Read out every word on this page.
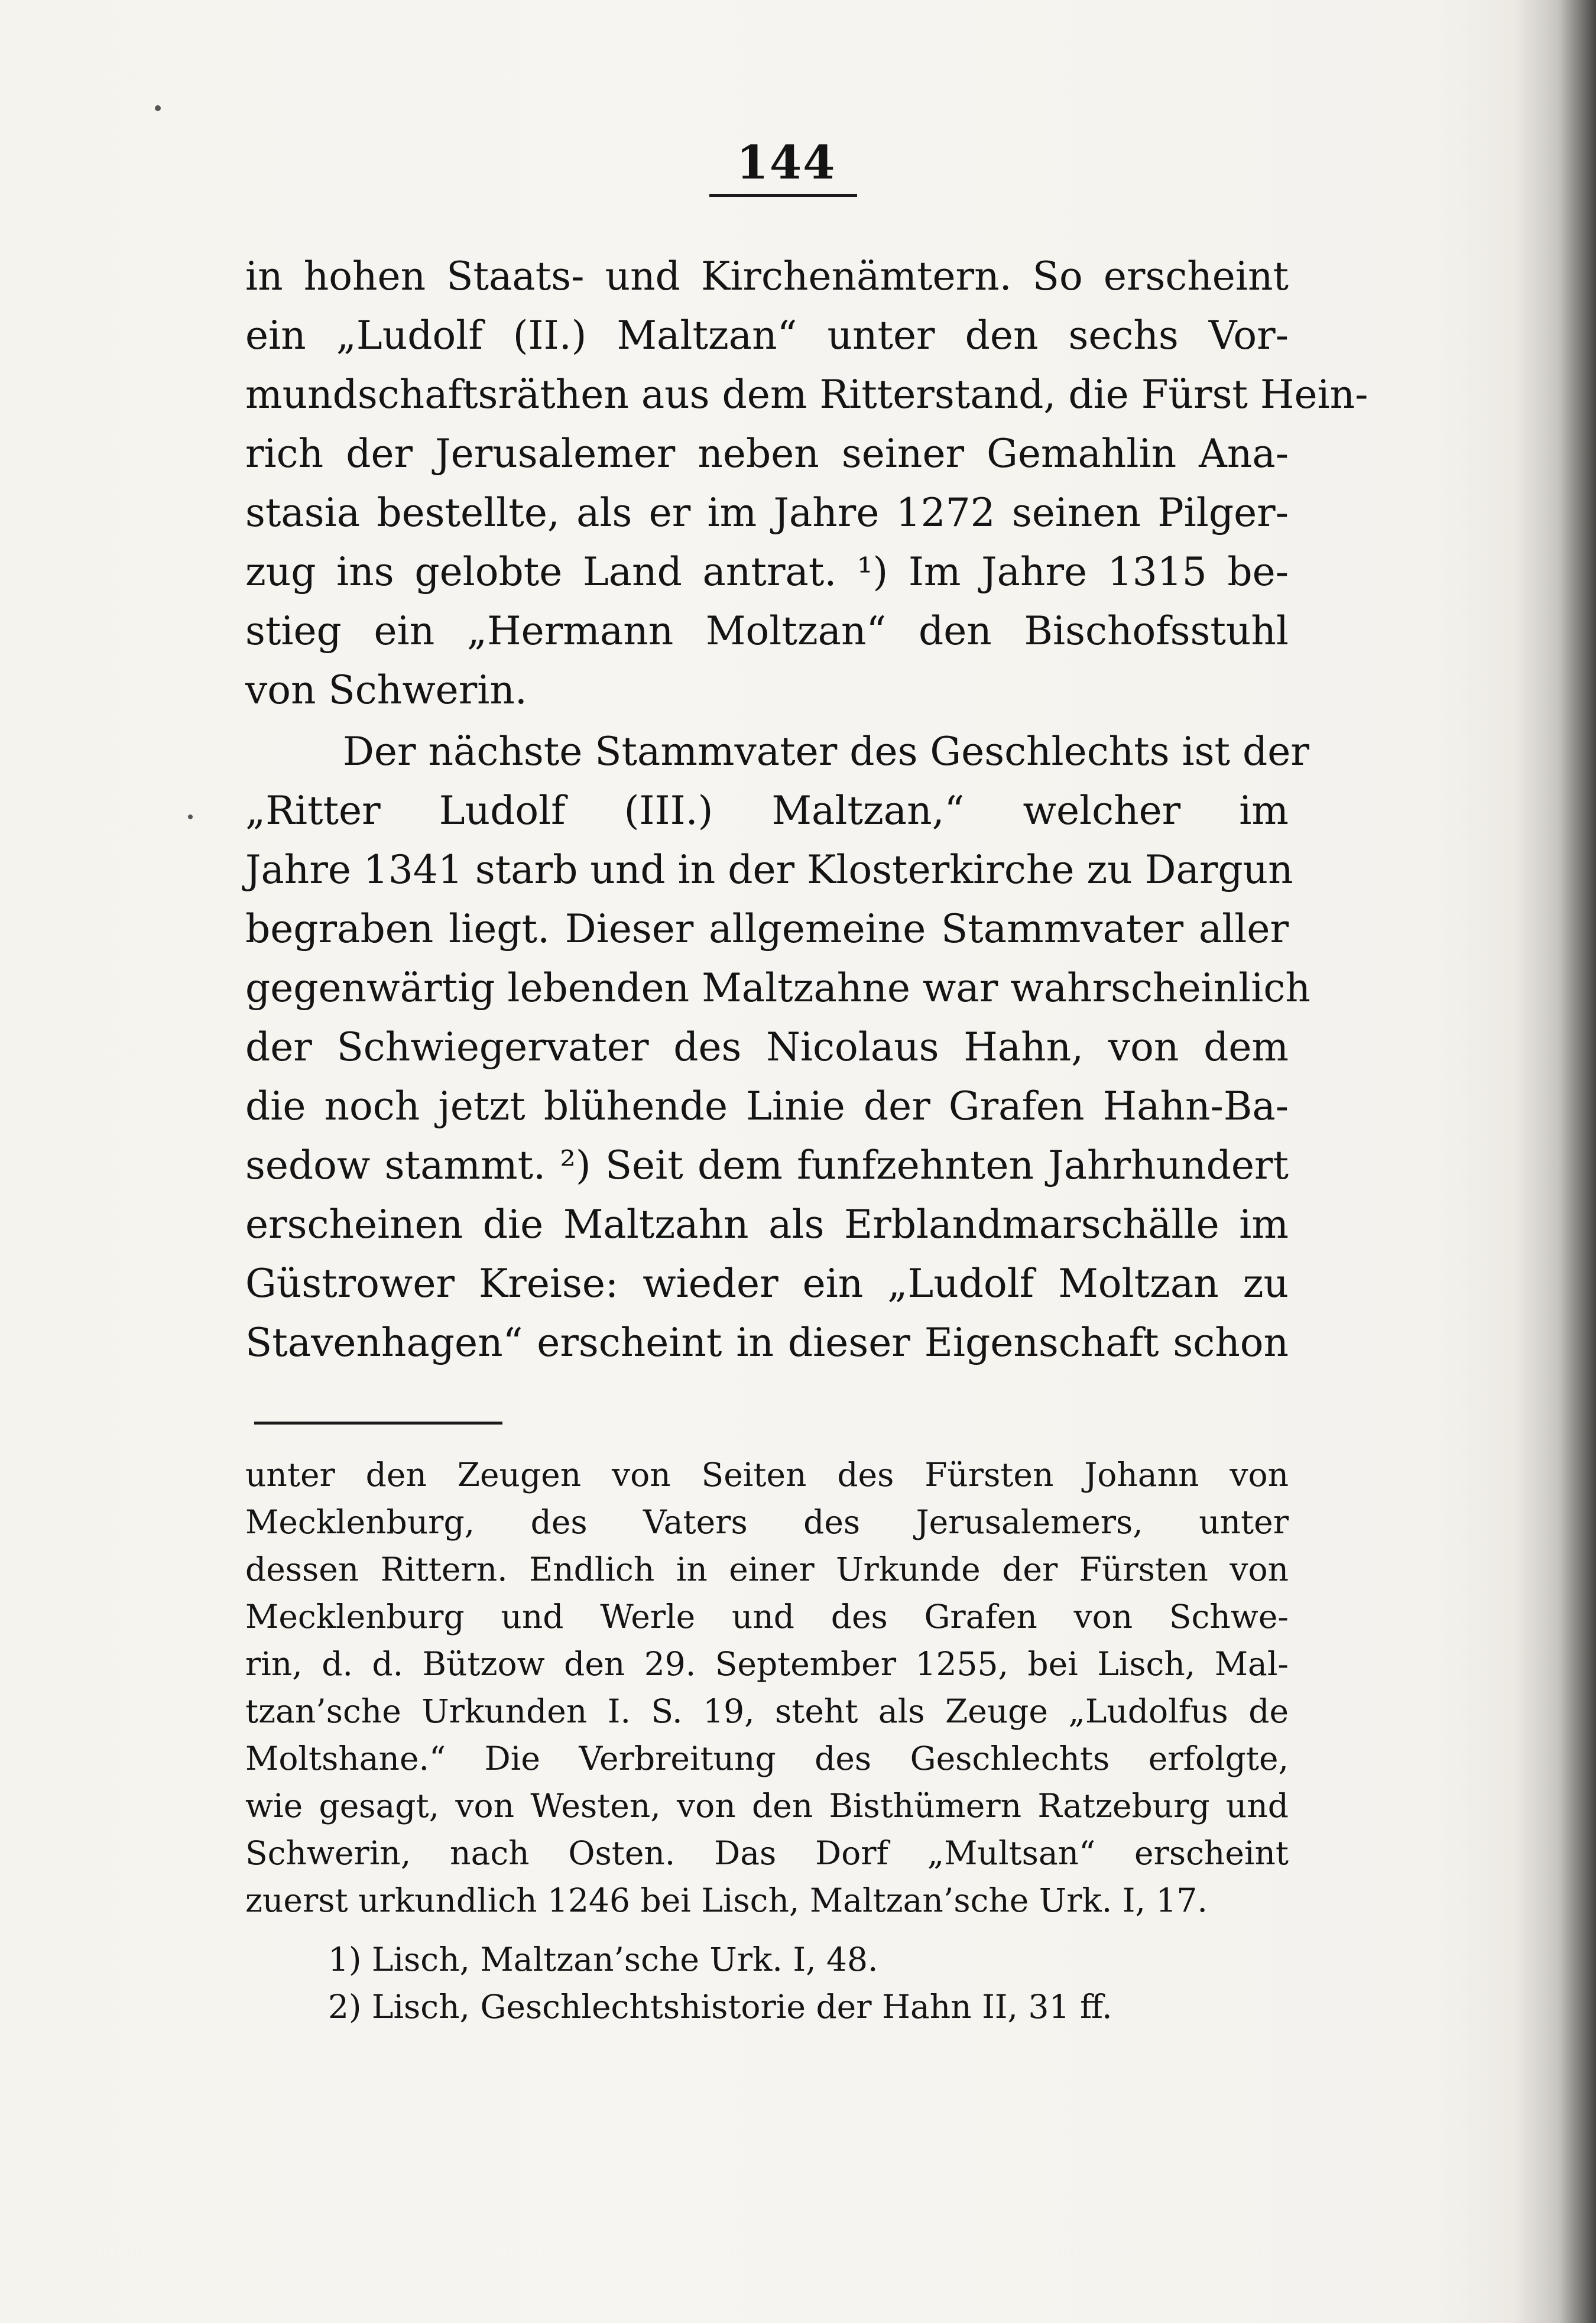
144
in hohen Staats- und Kirchenämtern. So erscheint
ein „Ludolf (II.) Maltzan“ unter den sechs Vor-
mundschaftsräthen aus dem Ritterstand, die Fürst Hein-
rich der Jerusalemer neben seiner Gemahlin Ana-
stasia bestellte, als er im Jahre 1272 seinen Pilger-
zug ins gelobte Land antrat. ¹) Im Jahre 1315 be-
stieg ein „Hermann Moltzan“ den Bischofsstuhl
von Schwerin.
Der nächste Stammvater des Geschlechts ist der
„Ritter Ludolf (III.) Maltzan,“ welcher im
Jahre 1341 starb und in der Klosterkirche zu Dargun
begraben liegt. Dieser allgemeine Stammvater aller
gegenwärtig lebenden Maltzahne war wahrscheinlich
der Schwiegervater des Nicolaus Hahn, von dem
die noch jetzt blühende Linie der Grafen Hahn-Ba-
sedow stammt. ²) Seit dem funfzehnten Jahrhundert
erscheinen die Maltzahn als Erblandmarschälle im
Güstrower Kreise: wieder ein „Ludolf Moltzan zu
Stavenhagen“ erscheint in dieser Eigenschaft schon
unter den Zeugen von Seiten des Fürsten Johann von
Mecklenburg, des Vaters des Jerusalemers, unter
dessen Rittern. Endlich in einer Urkunde der Fürsten von
Mecklenburg und Werle und des Grafen von Schwe-
rin, d. d. Bützow den 29. September 1255, bei Lisch, Mal-
tzan’sche Urkunden I. S. 19, steht als Zeuge „Ludolfus de
Moltshane.“ Die Verbreitung des Geschlechts erfolgte,
wie gesagt, von Westen, von den Bisthümern Ratzeburg und
Schwerin, nach Osten. Das Dorf „Multsan“ erscheint
zuerst urkundlich 1246 bei Lisch, Maltzan’sche Urk. I, 17.
1) Lisch, Maltzan’sche Urk. I, 48.
2) Lisch, Geschlechtshistorie der Hahn II, 31 ff.
